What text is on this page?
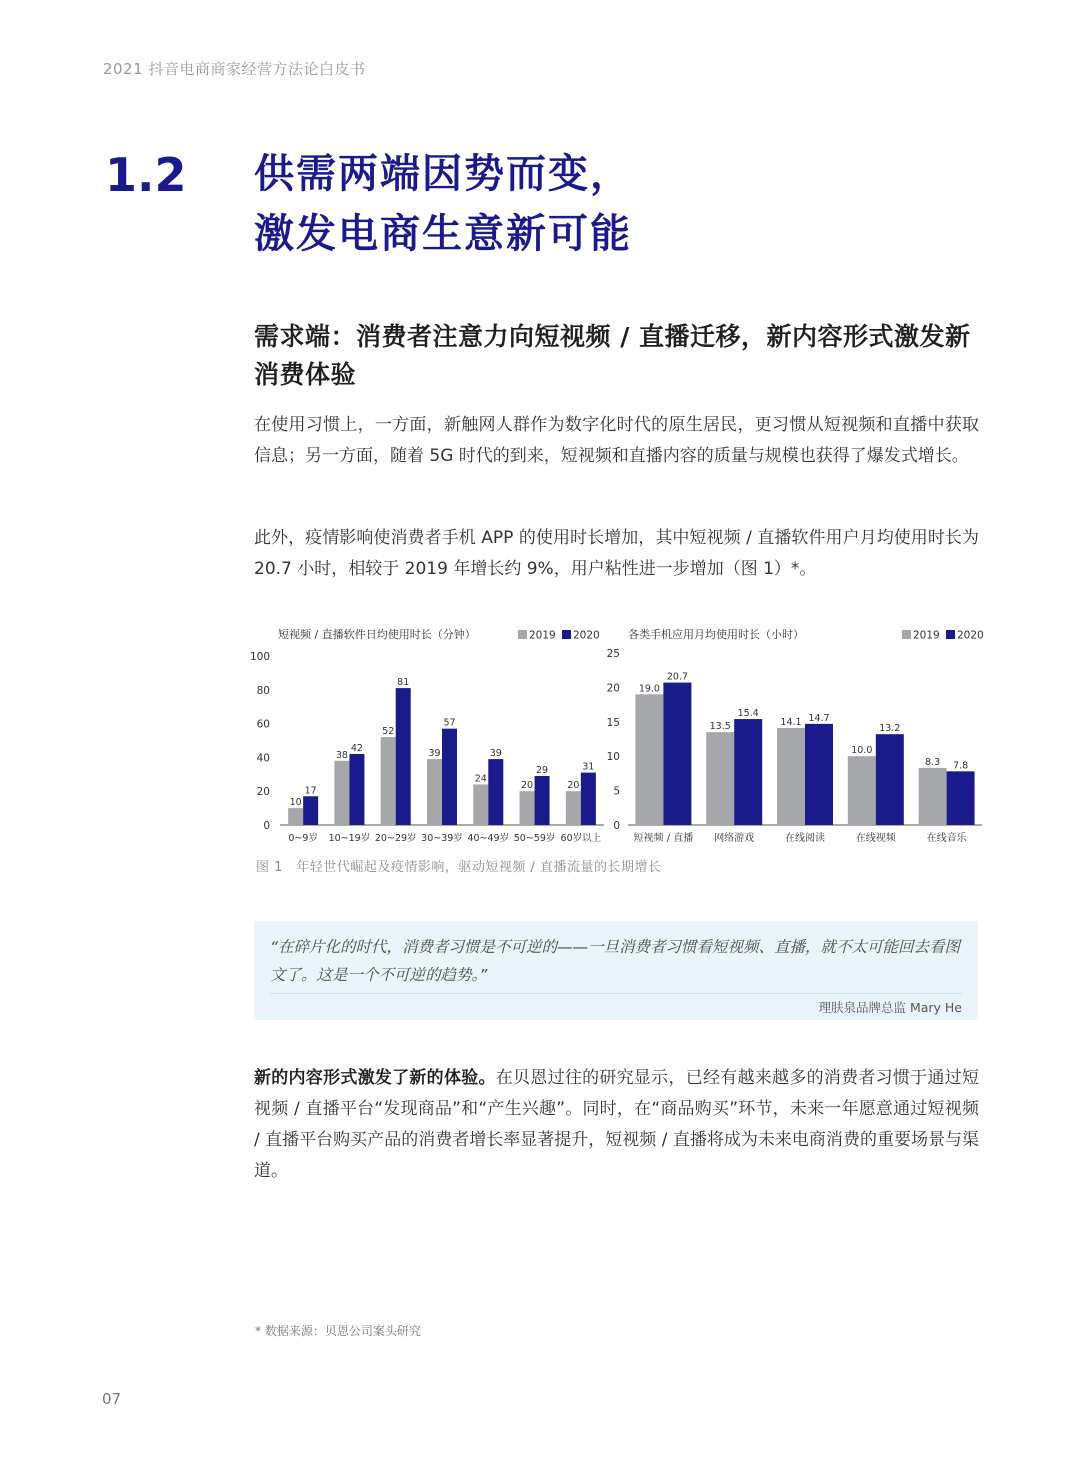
2021 抖音电商商家经营方法论白皮书
1.2 供需两端因势而变，
激发电商生意新可能
需求端：消费者注意力向短视频 / 直播迁移，新内容形式激发新消费体验
在使用习惯上，一方面，新触网人群作为数字化时代的原生居民，更习惯从短视频和直播中获取信息；另一方面，随着 5G 时代的到来，短视频和直播内容的质量与规模也获得了爆发式增长。
此外，疫情影响使消费者手机 APP 的使用时长增加，其中短视频 / 直播软件用户月均使用时长为 20.7 小时，相较于 2019 年增长约 9%，用户粘性进一步增加（图 1）*。
短视频 / 直播软件日均使用时长（分钟）	2019 2020
0
20
40
60
80
100
10
17
0~9岁
38
42
10~19岁
52
81
20~29岁
39
57
30~39岁
24
39
40~49岁
20
29
50~59岁
20
31
60岁以上
各类手机应用月均使用时长（小时）	2019 2020
0
5
10
15
20
25
19.0
20.7
短视频 / 直播
13.5
15.4
网络游戏
14.1 14.7
在线阅读
10.0
13.2
在线视频
8.3 7.8
在线音乐
图 1　年轻世代崛起及疫情影响，驱动短视频 / 直播流量的长期增长
“在碎片化的时代，消费者习惯是不可逆的——一旦消费者习惯看短视频、直播，就不太可能回去看图文了。这是一个不可逆的趋势。”
理肤泉品牌总监 Mary He
新的内容形式激发了新的体验。在贝恩过往的研究显示，已经有越来越多的消费者习惯于通过短视频 / 直播平台“发现商品”和“产生兴趣”。同时，在“商品购买”环节，未来一年愿意通过短视频 / 直播平台购买产品的消费者增长率显著提升，短视频 / 直播将成为未来电商消费的重要场景与渠道。
* 数据来源：贝恩公司案头研究
07
